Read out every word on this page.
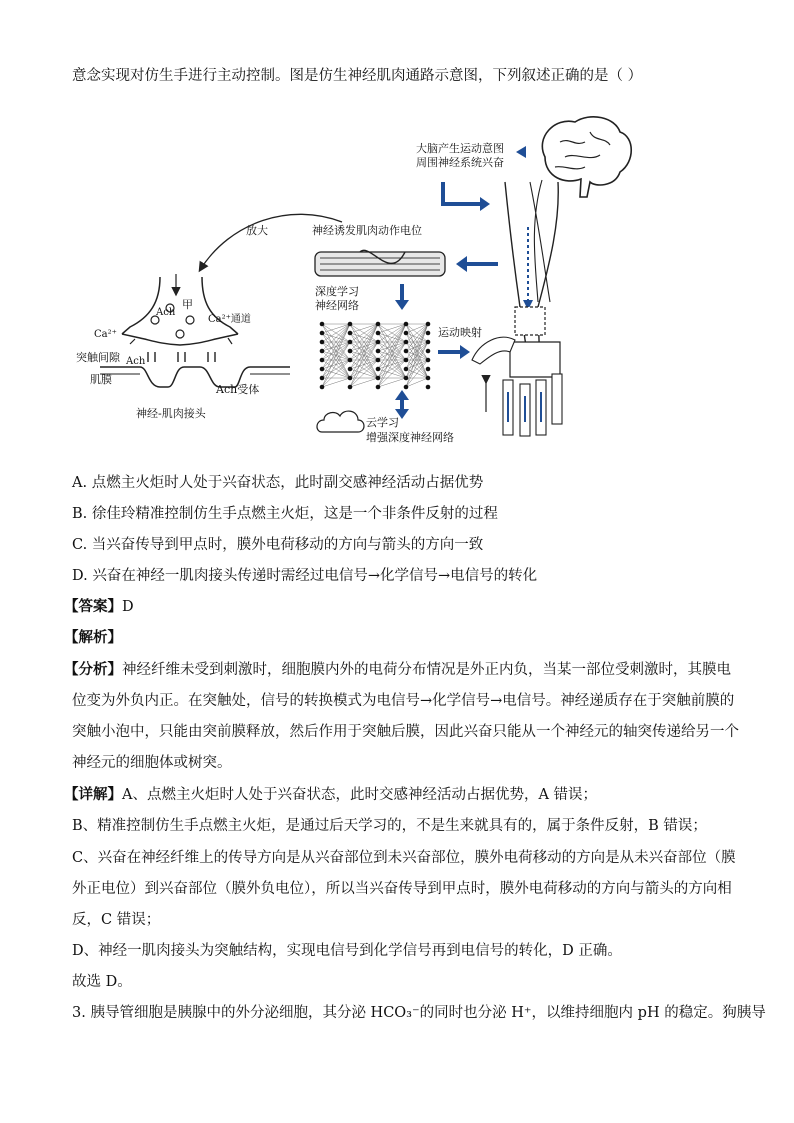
意念实现对仿生手进行主动控制。图是仿生神经肌肉通路示意图，下列叙述正确的是（ ）
大脑产生运动意图
周围神经系统兴奋
神经诱发肌肉动作电位
放大
深度学习
神经网络
运动映射
云学习
增强深度神经网络
甲
Ach
Ach
Ca²⁺通道
Ca²⁺
突触间隙
肌膜
Ach受体
神经-肌肉接头
A. 点燃主火炬时人处于兴奋状态，此时副交感神经活动占据优势
B. 徐佳玲精准控制仿生手点燃主火炬，这是一个非条件反射的过程
C. 当兴奋传导到甲点时，膜外电荷移动的方向与箭头的方向一致
D. 兴奋在神经一肌肉接头传递时需经过电信号→化学信号→电信号的转化
【答案】D
【解析】
【分析】神经纤维未受到刺激时，细胞膜内外的电荷分布情况是外正内负，当某一部位受刺激时，其膜电
位变为外负内正。在突触处，信号的转换模式为电信号→化学信号→电信号。神经递质存在于突触前膜的
突触小泡中，只能由突前膜释放，然后作用于突触后膜，因此兴奋只能从一个神经元的轴突传递给另一个
神经元的细胞体或树突。
【详解】A、点燃主火炬时人处于兴奋状态，此时交感神经活动占据优势，A 错误；
B、精准控制仿生手点燃主火炬，是通过后天学习的，不是生来就具有的，属于条件反射，B 错误；
C、兴奋在神经纤维上的传导方向是从兴奋部位到未兴奋部位，膜外电荷移动的方向是从未兴奋部位（膜
外正电位）到兴奋部位（膜外负电位），所以当兴奋传导到甲点时，膜外电荷移动的方向与箭头的方向相
反，C 错误；
D、神经一肌肉接头为突触结构，实现电信号到化学信号再到电信号的转化，D 正确。
故选 D。
3. 胰导管细胞是胰腺中的外分泌细胞，其分泌 HCO₃⁻的同时也分泌 H⁺，以维持细胞内 pH 的稳定。狗胰导
